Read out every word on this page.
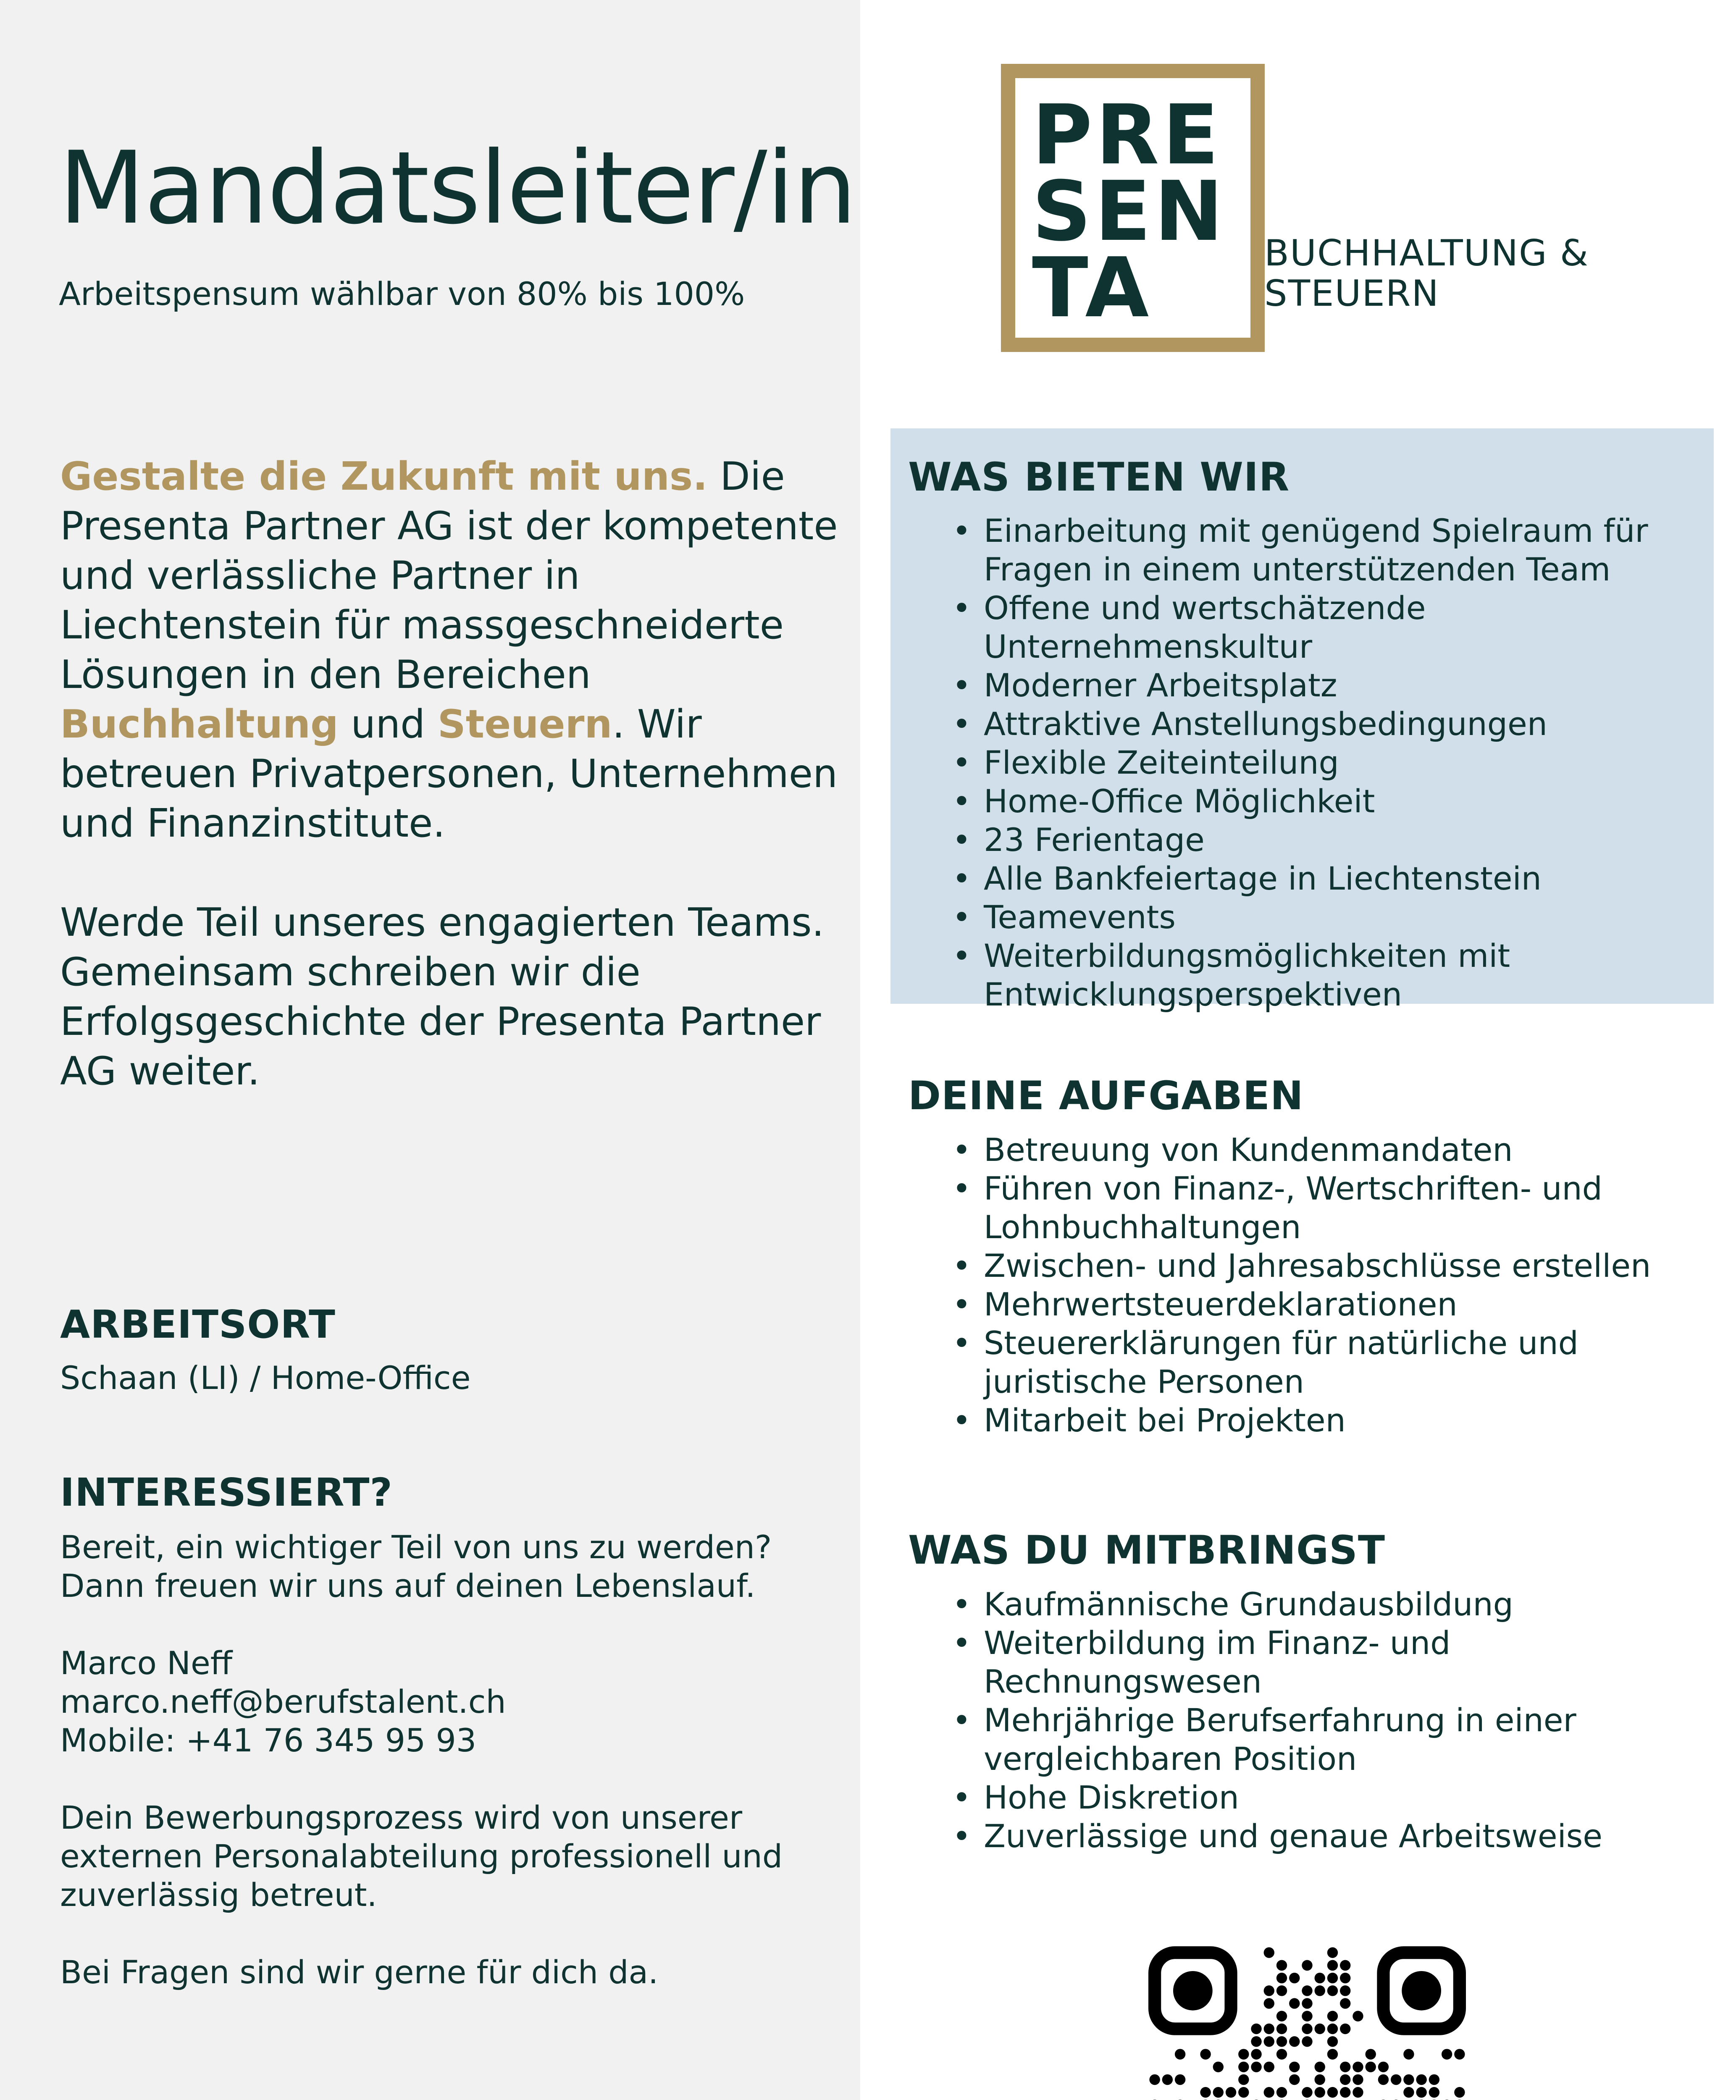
Mandatsleiter/in
Arbeitspensum wählbar von 80% bis 100%

Gestalte die Zukunft mit uns. Die Presenta Partner AG ist der kompetente und verlässliche Partner in Liechtenstein für massgeschneiderte Lösungen in den Bereichen Buchhaltung und Steuern. Wir betreuen Privatpersonen, Unternehmen und Finanzinstitute.

Werde Teil unseres engagierten Teams. Gemeinsam schreiben wir die Erfolgsgeschichte der Presenta Partner AG weiter.

ARBEITSORT
Schaan (LI) / Home-Office
INTERESSIERT?

Bereit, ein wichtiger Teil von uns zu werden? Dann freuen wir uns auf deinen Lebenslauf.

Marco Neff

marco.neff@berufstalent.ch

Mobile: +41 76 345 95 93

Dein Bewerbungsprozess wird von unserer externen Personalabteilung professionell und zuverlässig betreut.

Bei Fragen sind wir gerne für dich da.

PRE
SEN
TA	BUCHHALTUNG &
STEUERN
WAS BIETEN WIR
• Einarbeitung mit genügend Spielraum für Fragen in einem unterstützenden Team
• Offene und wertschätzende Unternehmenskultur
• Moderner Arbeitsplatz
• Attraktive Anstellungsbedingungen
• Flexible Zeiteinteilung
• Home-Office Möglichkeit
• 23 Ferientage
• Alle Bankfeiertage in Liechtenstein
• Teamevents
• Weiterbildungsmöglichkeiten mit Entwicklungsperspektiven
DEINE AUFGABEN
• Betreuung von Kundenmandaten
• Führen von Finanz-, Wertschriften- und Lohnbuchhaltungen
• Zwischen- und Jahresabschlüsse erstellen
• Mehrwertsteuerdeklarationen
• Steuererklärungen für natürliche und juristische Personen
• Mitarbeit bei Projekten
WAS DU MITBRINGST
• Kaufmännische Grundausbildung
• Weiterbildung im Finanz- und Rechnungswesen
• Mehrjährige Berufserfahrung in einer vergleichbaren Position
• Hohe Diskretion
• Zuverlässige und genaue Arbeitsweise
